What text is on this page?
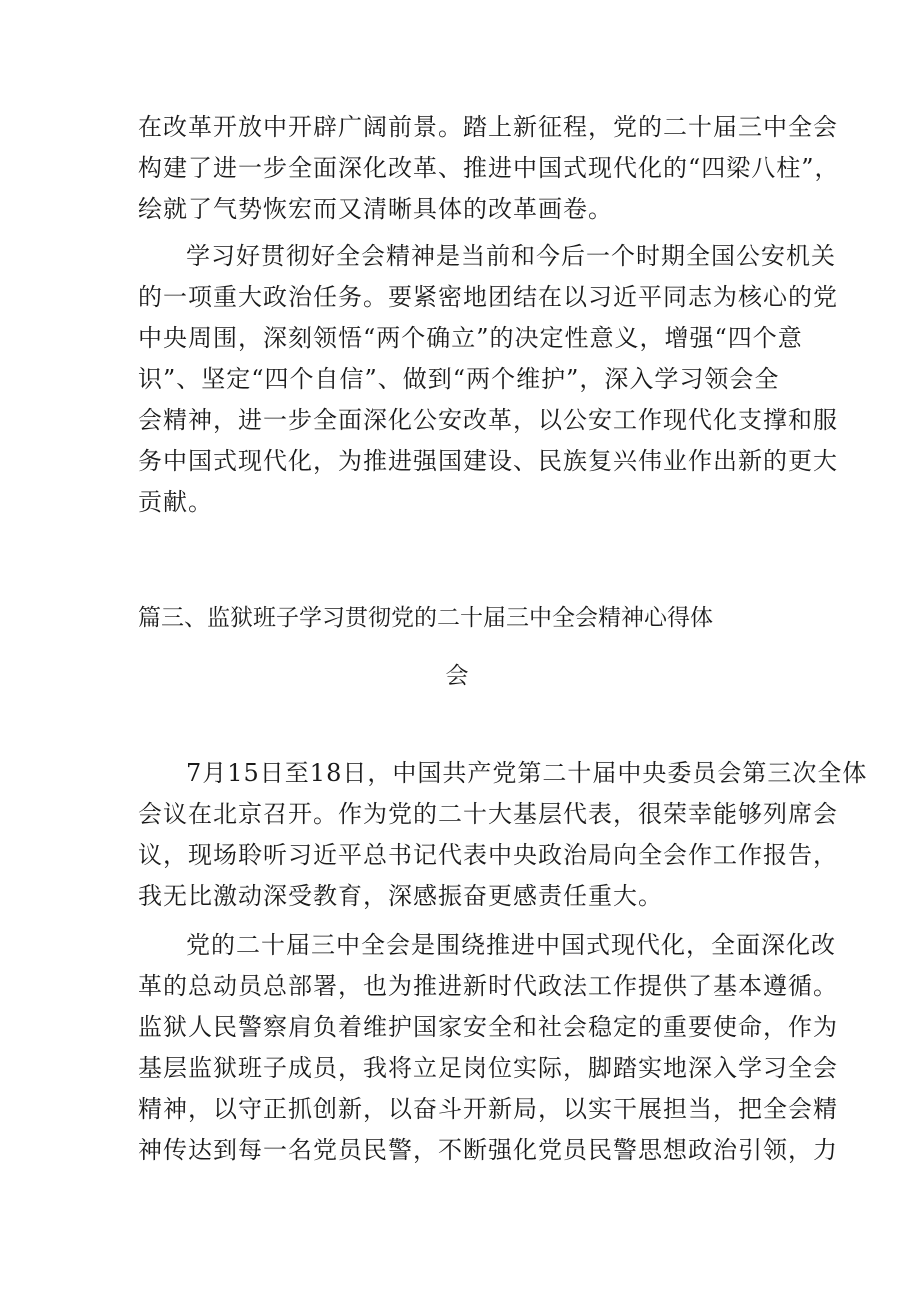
在改革开放中开辟广阔前景。踏上新征程，党的二十届三中全会
构建了进一步全面深化改革、推进中国式现代化的“四梁八柱”，
绘就了气势恢宏而又清晰具体的改革画卷。
学习好贯彻好全会精神是当前和今后一个时期全国公安机关
的一项重大政治任务。要紧密地团结在以习近平同志为核心的党
中央周围，深刻领悟“两个确立”的决定性意义，增强“四个意
识”、坚定“四个自信”、做到“两个维护”，深入学习领会全
会精神，进一步全面深化公安改革，以公安工作现代化支撑和服
务中国式现代化，为推进强国建设、民族复兴伟业作出新的更大
贡献。
篇三、监狱班子学习贯彻党的二十届三中全会精神心得体
会
7月15日至18日，中国共产党第二十届中央委员会第三次全体
会议在北京召开。作为党的二十大基层代表，很荣幸能够列席会
议，现场聆听习近平总书记代表中央政治局向全会作工作报告，
我无比激动深受教育，深感振奋更感责任重大。
党的二十届三中全会是围绕推进中国式现代化，全面深化改
革的总动员总部署，也为推进新时代政法工作提供了基本遵循。
监狱人民警察肩负着维护国家安全和社会稳定的重要使命，作为
基层监狱班子成员，我将立足岗位实际，脚踏实地深入学习全会
精神，以守正抓创新，以奋斗开新局，以实干展担当，把全会精
神传达到每一名党员民警，不断强化党员民警思想政治引领，力
